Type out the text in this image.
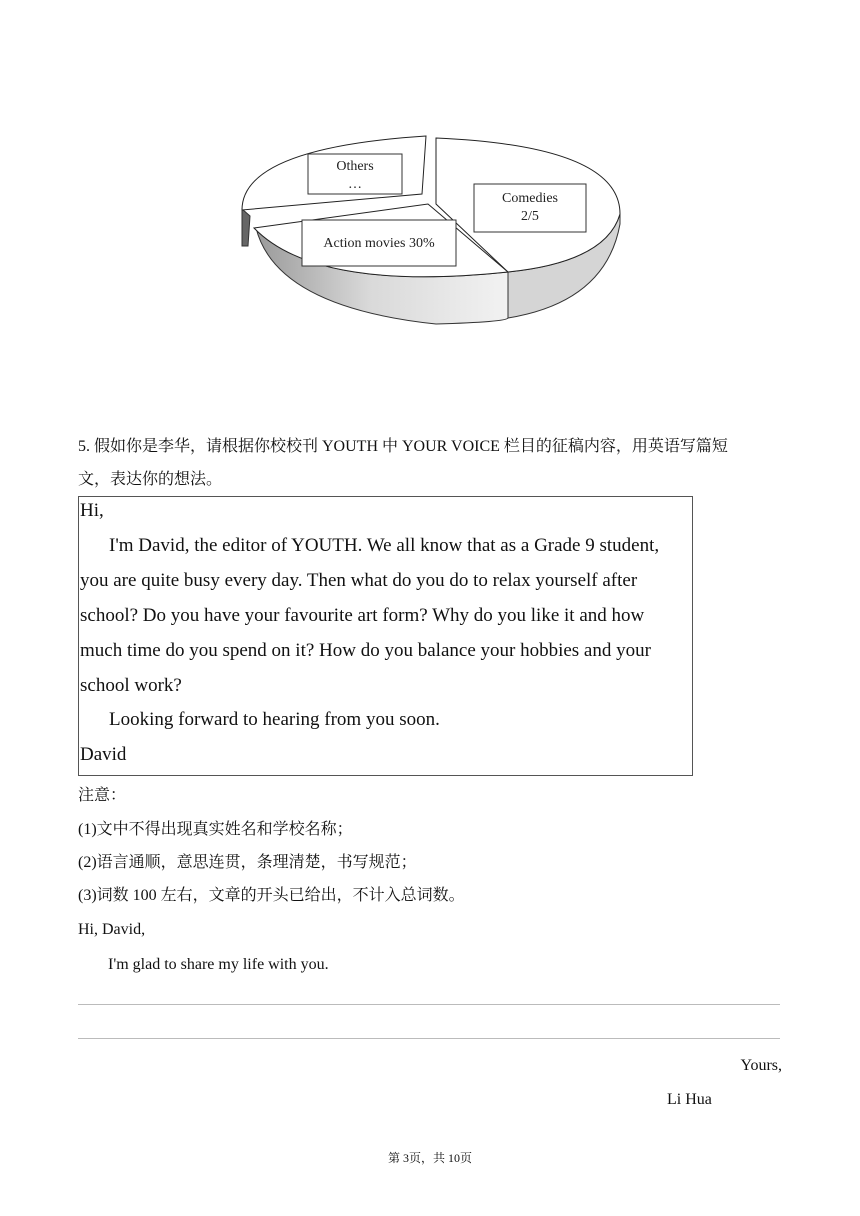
Others
…
Comedies
2/5
Action movies 30%
5. 假如你是李华，请根据你校校刊 YOUTH 中 YOUR VOICE 栏目的征稿内容，用英语写篇短
文，表达你的想法。
Hi,
I'm David, the editor of YOUTH. We all know that as a Grade 9 student,
you are quite busy every day. Then what do you do to relax yourself after
school? Do you have your favourite art form? Why do you like it and how
much time do you spend on it? How do you balance your hobbies and your
school work?
Looking forward to hearing from you soon.
David
注意：
(1)文中不得出现真实姓名和学校名称；
(2)语言通顺，意思连贯，条理清楚，书写规范；
(3)词数 100 左右，文章的开头已给出，不计入总词数。
Hi, David,
I'm glad to share my life with you.
Yours,
Li Hua
第 3页，共 10页
